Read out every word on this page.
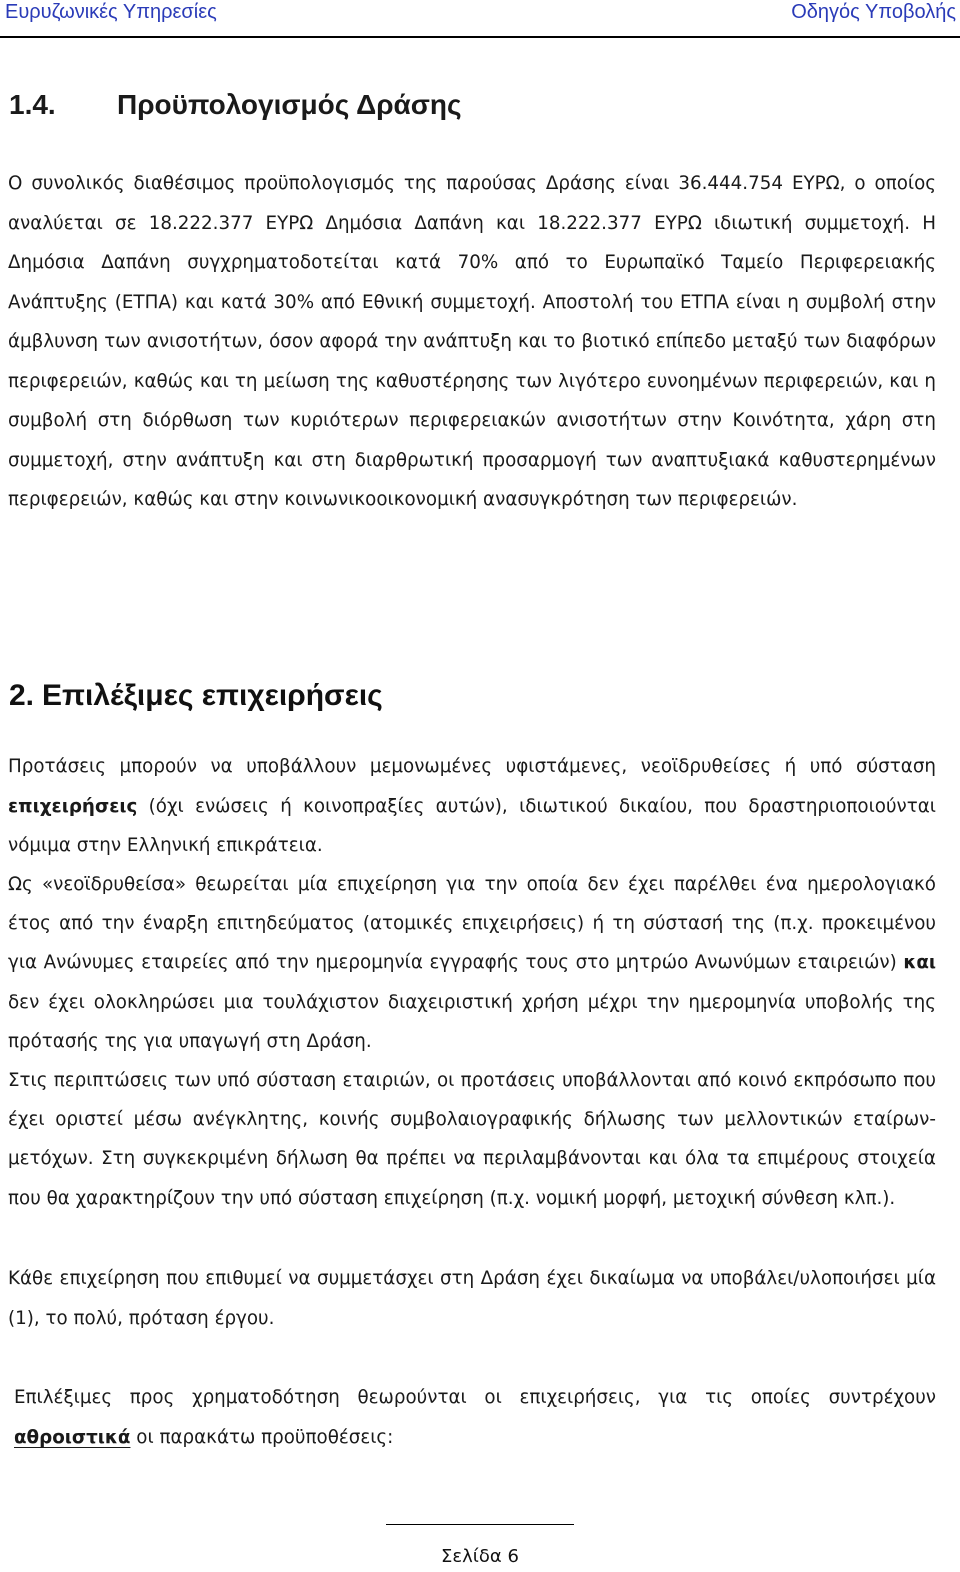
Ευρυζωνικές Υπηρεσίες	Οδηγός Υποβολής
1.4. Προϋπολογισμός Δράσης

Ο συνολικός διαθέσιμος προϋπολογισμός της παρούσας Δράσης είναι 36.444.754 ΕΥΡΩ, ο οποίος αναλύεται σε 18.222.377 ΕΥΡΩ Δημόσια Δαπάνη και 18.222.377 ΕΥΡΩ ιδιωτική συμμετοχή. Η Δημόσια Δαπάνη συγχρηματοδοτείται κατά 70% από το Ευρωπαϊκό Ταμείο Περιφερειακής Ανάπτυξης (ΕΤΠΑ) και κατά 30% από Εθνική συμμετοχή. Αποστολή του ΕΤΠΑ είναι η συμβολή στην άμβλυνση των ανισοτήτων, όσον αφορά την ανάπτυξη και το βιοτικό επίπεδο μεταξύ των διαφόρων περιφερειών, καθώς και τη μείωση της καθυστέρησης των λιγότερο ευνοημένων περιφερειών, και η συμβολή στη διόρθωση των κυριότερων περιφερειακών ανισοτήτων στην Κοινότητα, χάρη στη συμμετοχή, στην ανάπτυξη και στη διαρθρωτική προσαρμογή των αναπτυξιακά καθυστερημένων περιφερειών, καθώς και στην κοινωνικοοικονομική ανασυγκρότηση των περιφερειών.

2. Επιλέξιμες επιχειρήσεις

Προτάσεις μπορούν να υποβάλλουν μεμονωμένες υφιστάμενες, νεοϊδρυθείσες ή υπό σύσταση επιχειρήσεις (όχι ενώσεις ή κοινοπραξίες αυτών), ιδιωτικού δικαίου, που δραστηριοποιούνται νόμιμα στην Ελληνική επικράτεια.

Ως «νεοϊδρυθείσα» θεωρείται μία επιχείρηση για την οποία δεν έχει παρέλθει ένα ημερολογιακό έτος από την έναρξη επιτηδεύματος (ατομικές επιχειρήσεις) ή τη σύστασή της (π.χ. προκειμένου για Ανώνυμες εταιρείες από την ημερομηνία εγγραφής τους στο μητρώο Ανωνύμων εταιρειών) και δεν έχει ολοκληρώσει μια τουλάχιστον διαχειριστική χρήση μέχρι την ημερομηνία υποβολής της πρότασής της για υπαγωγή στη Δράση.

Στις περιπτώσεις των υπό σύσταση εταιριών, οι προτάσεις υποβάλλονται από κοινό εκπρόσωπο που έχει οριστεί μέσω ανέγκλητης, κοινής συμβολαιογραφικής δήλωσης των μελλοντικών εταίρων-μετόχων. Στη συγκεκριμένη δήλωση θα πρέπει να περιλαμβάνονται και όλα τα επιμέρους στοιχεία που θα χαρακτηρίζουν την υπό σύσταση επιχείρηση (π.χ. νομική μορφή, μετοχική σύνθεση κλπ.).

Κάθε επιχείρηση που επιθυμεί να συμμετάσχει στη Δράση έχει δικαίωμα να υποβάλει/υλοποιήσει μία (1), το πολύ, πρόταση έργου.

Επιλέξιμες προς χρηματοδότηση θεωρούνται οι επιχειρήσεις, για τις οποίες συντρέχουν αθροιστικά οι παρακάτω προϋποθέσεις:

Σελίδα 6
